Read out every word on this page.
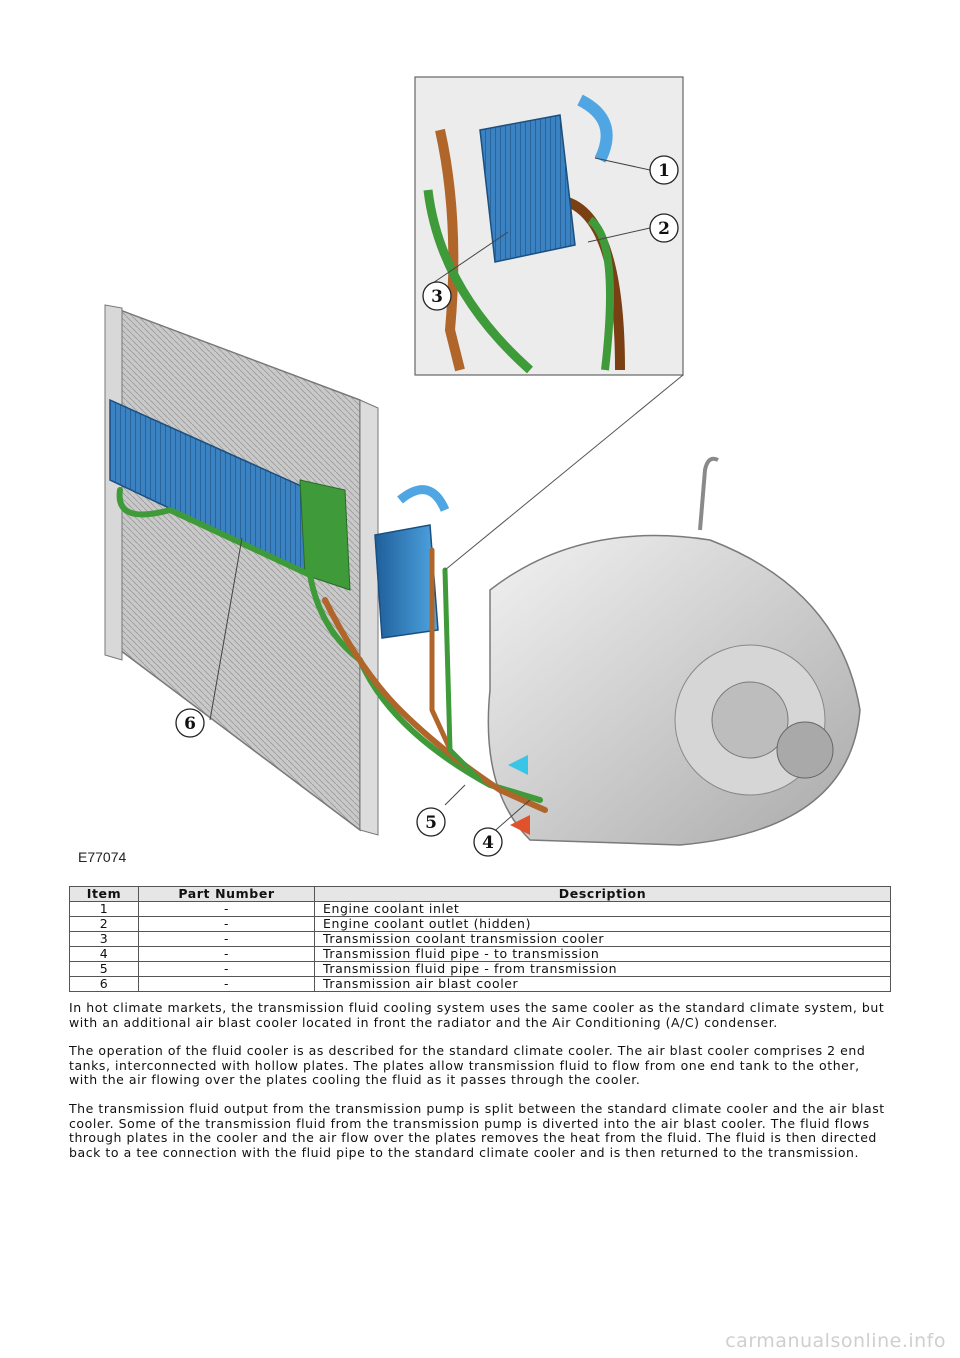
1
2
3
4
5
6
E77074
Item	Part Number	Description
1	-	Engine coolant inlet
2	-	Engine coolant outlet (hidden)
3	-	Transmission coolant transmission cooler
4	-	Transmission fluid pipe - to transmission
5	-	Transmission fluid pipe - from transmission
6	-	Transmission air blast cooler

In hot climate markets, the transmission fluid cooling system uses the same cooler as the standard climate system, but with an additional air blast cooler located in front the radiator and the Air Conditioning (A/C) condenser.

The operation of the fluid cooler is as described for the standard climate cooler. The air blast cooler comprises 2 end tanks, interconnected with hollow plates. The plates allow transmission fluid to flow from one end tank to the other, with the air flowing over the plates cooling the fluid as it passes through the cooler.

The transmission fluid output from the transmission pump is split between the standard climate cooler and the air blast cooler. Some of the transmission fluid from the transmission pump is diverted into the air blast cooler. The fluid flows through plates in the cooler and the air flow over the plates removes the heat from the fluid. The fluid is then directed back to a tee connection with the fluid pipe to the standard climate cooler and is then returned to the transmission.

carmanualsonline.info
